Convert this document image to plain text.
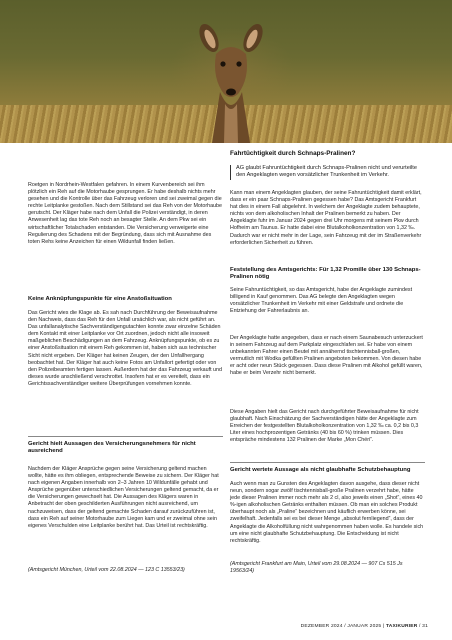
Roetgen in Nordrhein-Westfalen gefahren. In einem Kurvenbereich sei ihm plötzlich ein Reh auf die Motorhaube gesprungen. Er habe deshalb nichts mehr gesehen und die Kontrolle über das Fahrzeug verloren und sei zweimal gegen die rechte Leitplanke gestoßen. Nach dem Stillstand sei das Reh von der Motorhaube gerutscht. Der Kläger habe nach dem Unfall die Polizei verständigt, in deren Anwesenheit lag das tote Reh noch an besagter Stelle. An dem Pkw sei ein wirtschaftlicher Totalschaden entstanden. Die Versicherung verweigerte eine Regulierung des Schadens mit der Begründung, dass sich mit Ausnahme des toten Rehs keine Anzeichen für einen Wildunfall finden ließen.

Keine Anknüpfungspunkte für eine Anstoßsituation

Das Gericht wies die Klage ab. Es sah nach Durchführung der Beweisaufnahme den Nachweis, dass das Reh für den Unfall ursächlich war, als nicht geführt an. Das unfallanalytische Sachverständigengutachten konnte zwar einzelne Schäden dem Kontakt mit einer Leitplanke vor Ort zuordnen, jedoch nicht alle insoweit maßgeblichen Beschädigungen an dem Fahrzeug. Anknüpfungspunkte, ob es zu einer Anstoßsituation mit einem Reh gekommen ist, haben sich aus technischer Sicht nicht ergeben. Der Kläger hat keinen Zeugen, der den Unfallhergang beobachtet hat. Der Kläger hat auch keine Fotos am Unfallort gefertigt oder von den Polizeibeamten fertigen lassen. Außerdem hat der das Fahrzeug verkauft und dieses wurde anschließend verschrottet. Insofern hat er es vereitelt, dass ein Gerichtssachverständiger weitere Überprüfungen vornehmen konnte.

Gericht hielt Aussagen des Versicherungsnehmers für nicht ausreichend

Nachdem der Kläger Ansprüche gegen seine Versicherung geltend machen wollte, hätte es ihm obliegen, entsprechende Beweise zu sichern. Der Kläger hat nach eigenen Angaben innerhalb von 2–3 Jahren 10 Wildunfälle gehabt und Ansprüche gegenüber unterschiedlichen Versicherungen geltend gemacht, da er die Versicherungen gewechselt hat. Die Aussagen des Klägers waren in Anbetracht der oben geschilderten Ausführungen nicht ausreichend, um nachzuweisen, dass der geltend gemachte Schaden darauf zurückzuführen ist, dass ein Reh auf seiner Motorhaube zum Liegen kam und er zweimal ohne sein eigenes Verschulden eine Leitplanke berührt hat. Das Urteil ist rechtskräftig.

(Amtsgericht München, Urteil vom 22.08.2024 — 123 C 13553/23)

Fahrtüchtigkeit durch Schnaps-Pralinen?
AG glaubt Fahruntüchtigkeit durch Schnaps-Pralinen nicht und verurteilte den Angeklagten wegen vorsätzlicher Trunkenheit im Verkehr.

Kann man einem Angeklagten glauben, der seine Fahruntüchtigkeit damit erklärt, dass er ein paar Schnaps-Pralinen gegessen habe? Das Amtsgericht Frankfurt hat dies in einem Fall abgelehnt. In welchem der Angeklagte zudem behauptete, nichts von dem alkoholischen Inhalt der Pralinen bemerkt zu haben. Der Angeklagte fuhr im Januar 2024 gegen drei Uhr morgens mit seinem Pkw durch Hofheim am Taunus. Er hatte dabei eine Blutalkoholkonzentration von 1,32 ‰. Dadurch war er nicht mehr in der Lage, sein Fahrzeug mit der im Straßenverkehr erforderlichen Sicherheit zu führen.

Feststellung des Amtsgerichts: Für 1,32 Promille über 130 Schnaps-Pralinen nötig

Seine Fahruntüchtigkeit, so das Amtsgericht, habe der Angeklagte zumindest billigend in Kauf genommen. Das AG belegte den Angeklagten wegen vorsätzlicher Trunkenheit im Verkehr mit einer Geldstrafe und ordnete die Entziehung der Fahrerlaubnis an.

Der Angeklagte hatte angegeben, dass er nach einem Saunabesuch unterzuckert in seinem Fahrzeug auf dem Parkplatz eingeschlafen sei. Er habe von einem unbekannten Fahrer einen Beutel mit annähernd tischtennisball-großen, vermutlich mit Wodka gefüllten Pralinen angeboten bekommen. Von diesen habe er acht oder neun Stück gegessen. Dass diese Pralinen mit Alkohol gefüllt waren, habe er beim Verzehr nicht bemerkt.

Diese Angaben hielt das Gericht nach durchgeführter Beweisaufnahme für nicht glaubhaft. Nach Einschätzung der Sachverständigen hätte der Angeklagte zum Erreichen der festgestellten Blutalkoholkonzentration von 1,32 ‰ ca. 0,2 bis 0,3 Liter eines hochprozentigen Getränks (40 bis 60 %) trinken müssen. Dies entspräche mindestens 132 Pralinen der Marke „Mon Chéri“.

Gericht wertete Aussage als nicht glaubhafte Schutzbehauptung

Auch wenn man zu Gunsten des Angeklagten davon ausgehe, dass dieser nicht neun, sondern sogar zwölf tischtennisball-große Pralinen verzehrt habe, hätte jede dieser Pralinen immer noch mehr als 2 cl, also jeweils einen „Shot“, eines 40 %-igen alkoholischen Getränks enthalten müssen. Ob man ein solches Produkt überhaupt noch als „Praline“ bezeichnen und käuflich erwerben könne, sei zweifelhaft. Jedenfalls sei es bei dieser Menge „absolut fernliegend“, dass der Angeklagte die Alkoholfüllung nicht wahrgenommen haben wolle. Es handele sich um eine nicht glaubhafte Schutzbehauptung. Die Entscheidung ist nicht rechtskräftig.

(Amtsgericht Frankfurt am Main, Urteil vom 29.08.2024 — 907 Cs 515 Js 19563/24)

DEZEMBER 2024 / JANUAR 2025 | TAXIKURIER / 31
